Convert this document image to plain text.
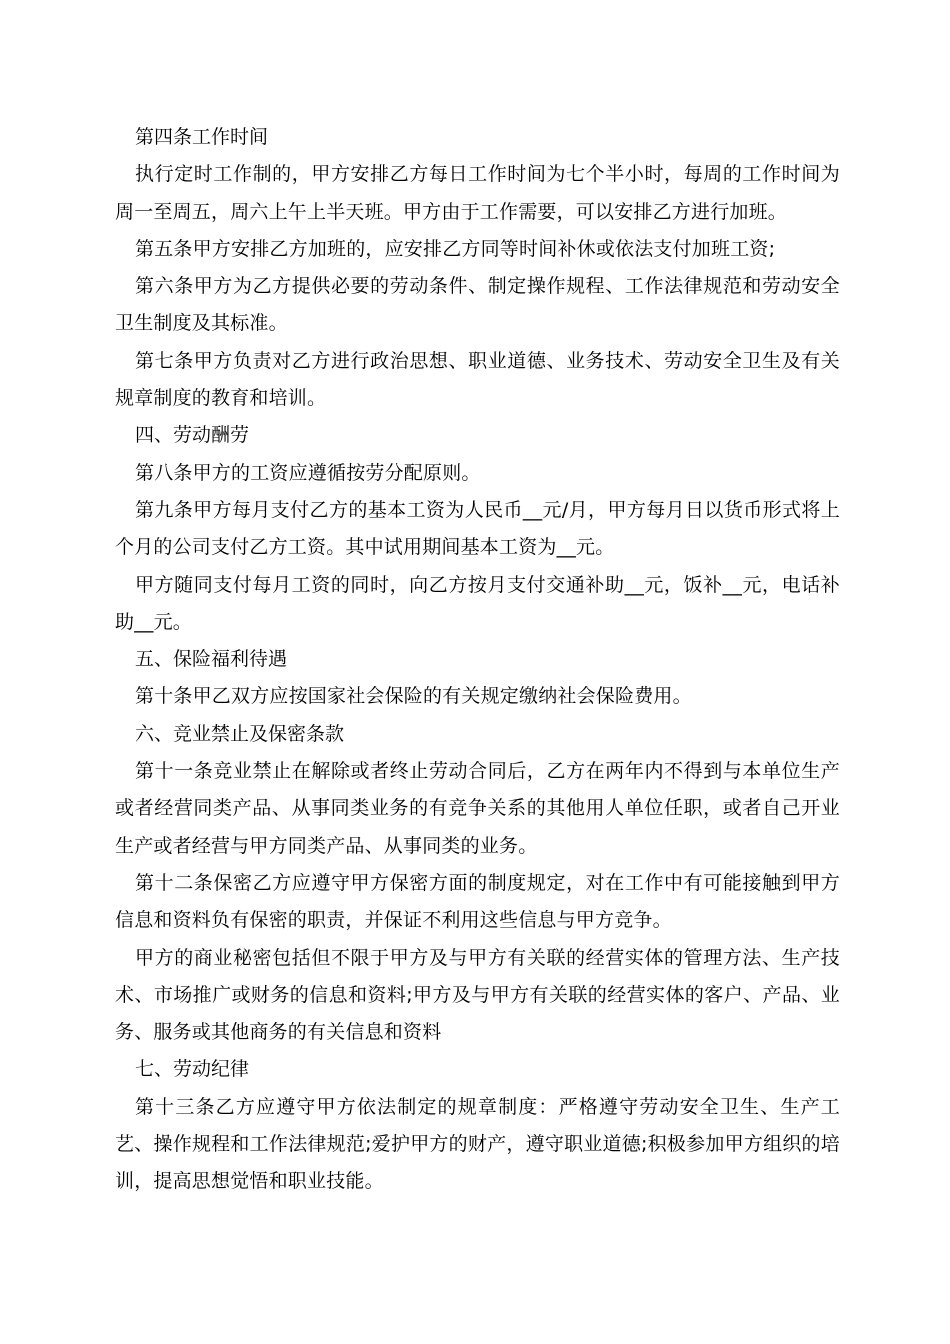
第四条工作时间

执行定时工作制的，甲方安排乙方每日工作时间为七个半小时，每周的工作时间为周一至周五，周六上午上半天班。甲方由于工作需要，可以安排乙方进行加班。

第五条甲方安排乙方加班的，应安排乙方同等时间补休或依法支付加班工资;

第六条甲方为乙方提供必要的劳动条件、制定操作规程、工作法律规范和劳动安全卫生制度及其标准。

第七条甲方负责对乙方进行政治思想、职业道德、业务技术、劳动安全卫生及有关规章制度的教育和培训。

四、劳动酬劳

第八条甲方的工资应遵循按劳分配原则。

第九条甲方每月支付乙方的基本工资为人民币__元/月，甲方每月日以货币形式将上个月的公司支付乙方工资。其中试用期间基本工资为__元。

甲方随同支付每月工资的同时，向乙方按月支付交通补助__元，饭补__元，电话补助__元。

五、保险福利待遇

第十条甲乙双方应按国家社会保险的有关规定缴纳社会保险费用。

六、竞业禁止及保密条款

第十一条竞业禁止在解除或者终止劳动合同后，乙方在两年内不得到与本单位生产或者经营同类产品、从事同类业务的有竞争关系的其他用人单位任职，或者自己开业生产或者经营与甲方同类产品、从事同类的业务。

第十二条保密乙方应遵守甲方保密方面的制度规定，对在工作中有可能接触到甲方信息和资料负有保密的职责，并保证不利用这些信息与甲方竞争。

甲方的商业秘密包括但不限于甲方及与甲方有关联的经营实体的管理方法、生产技术、市场推广或财务的信息和资料;甲方及与甲方有关联的经营实体的客户、产品、业务、服务或其他商务的有关信息和资料

七、劳动纪律

第十三条乙方应遵守甲方依法制定的规章制度：严格遵守劳动安全卫生、生产工艺、操作规程和工作法律规范;爱护甲方的财产，遵守职业道德;积极参加甲方组织的培训，提高思想觉悟和职业技能。
